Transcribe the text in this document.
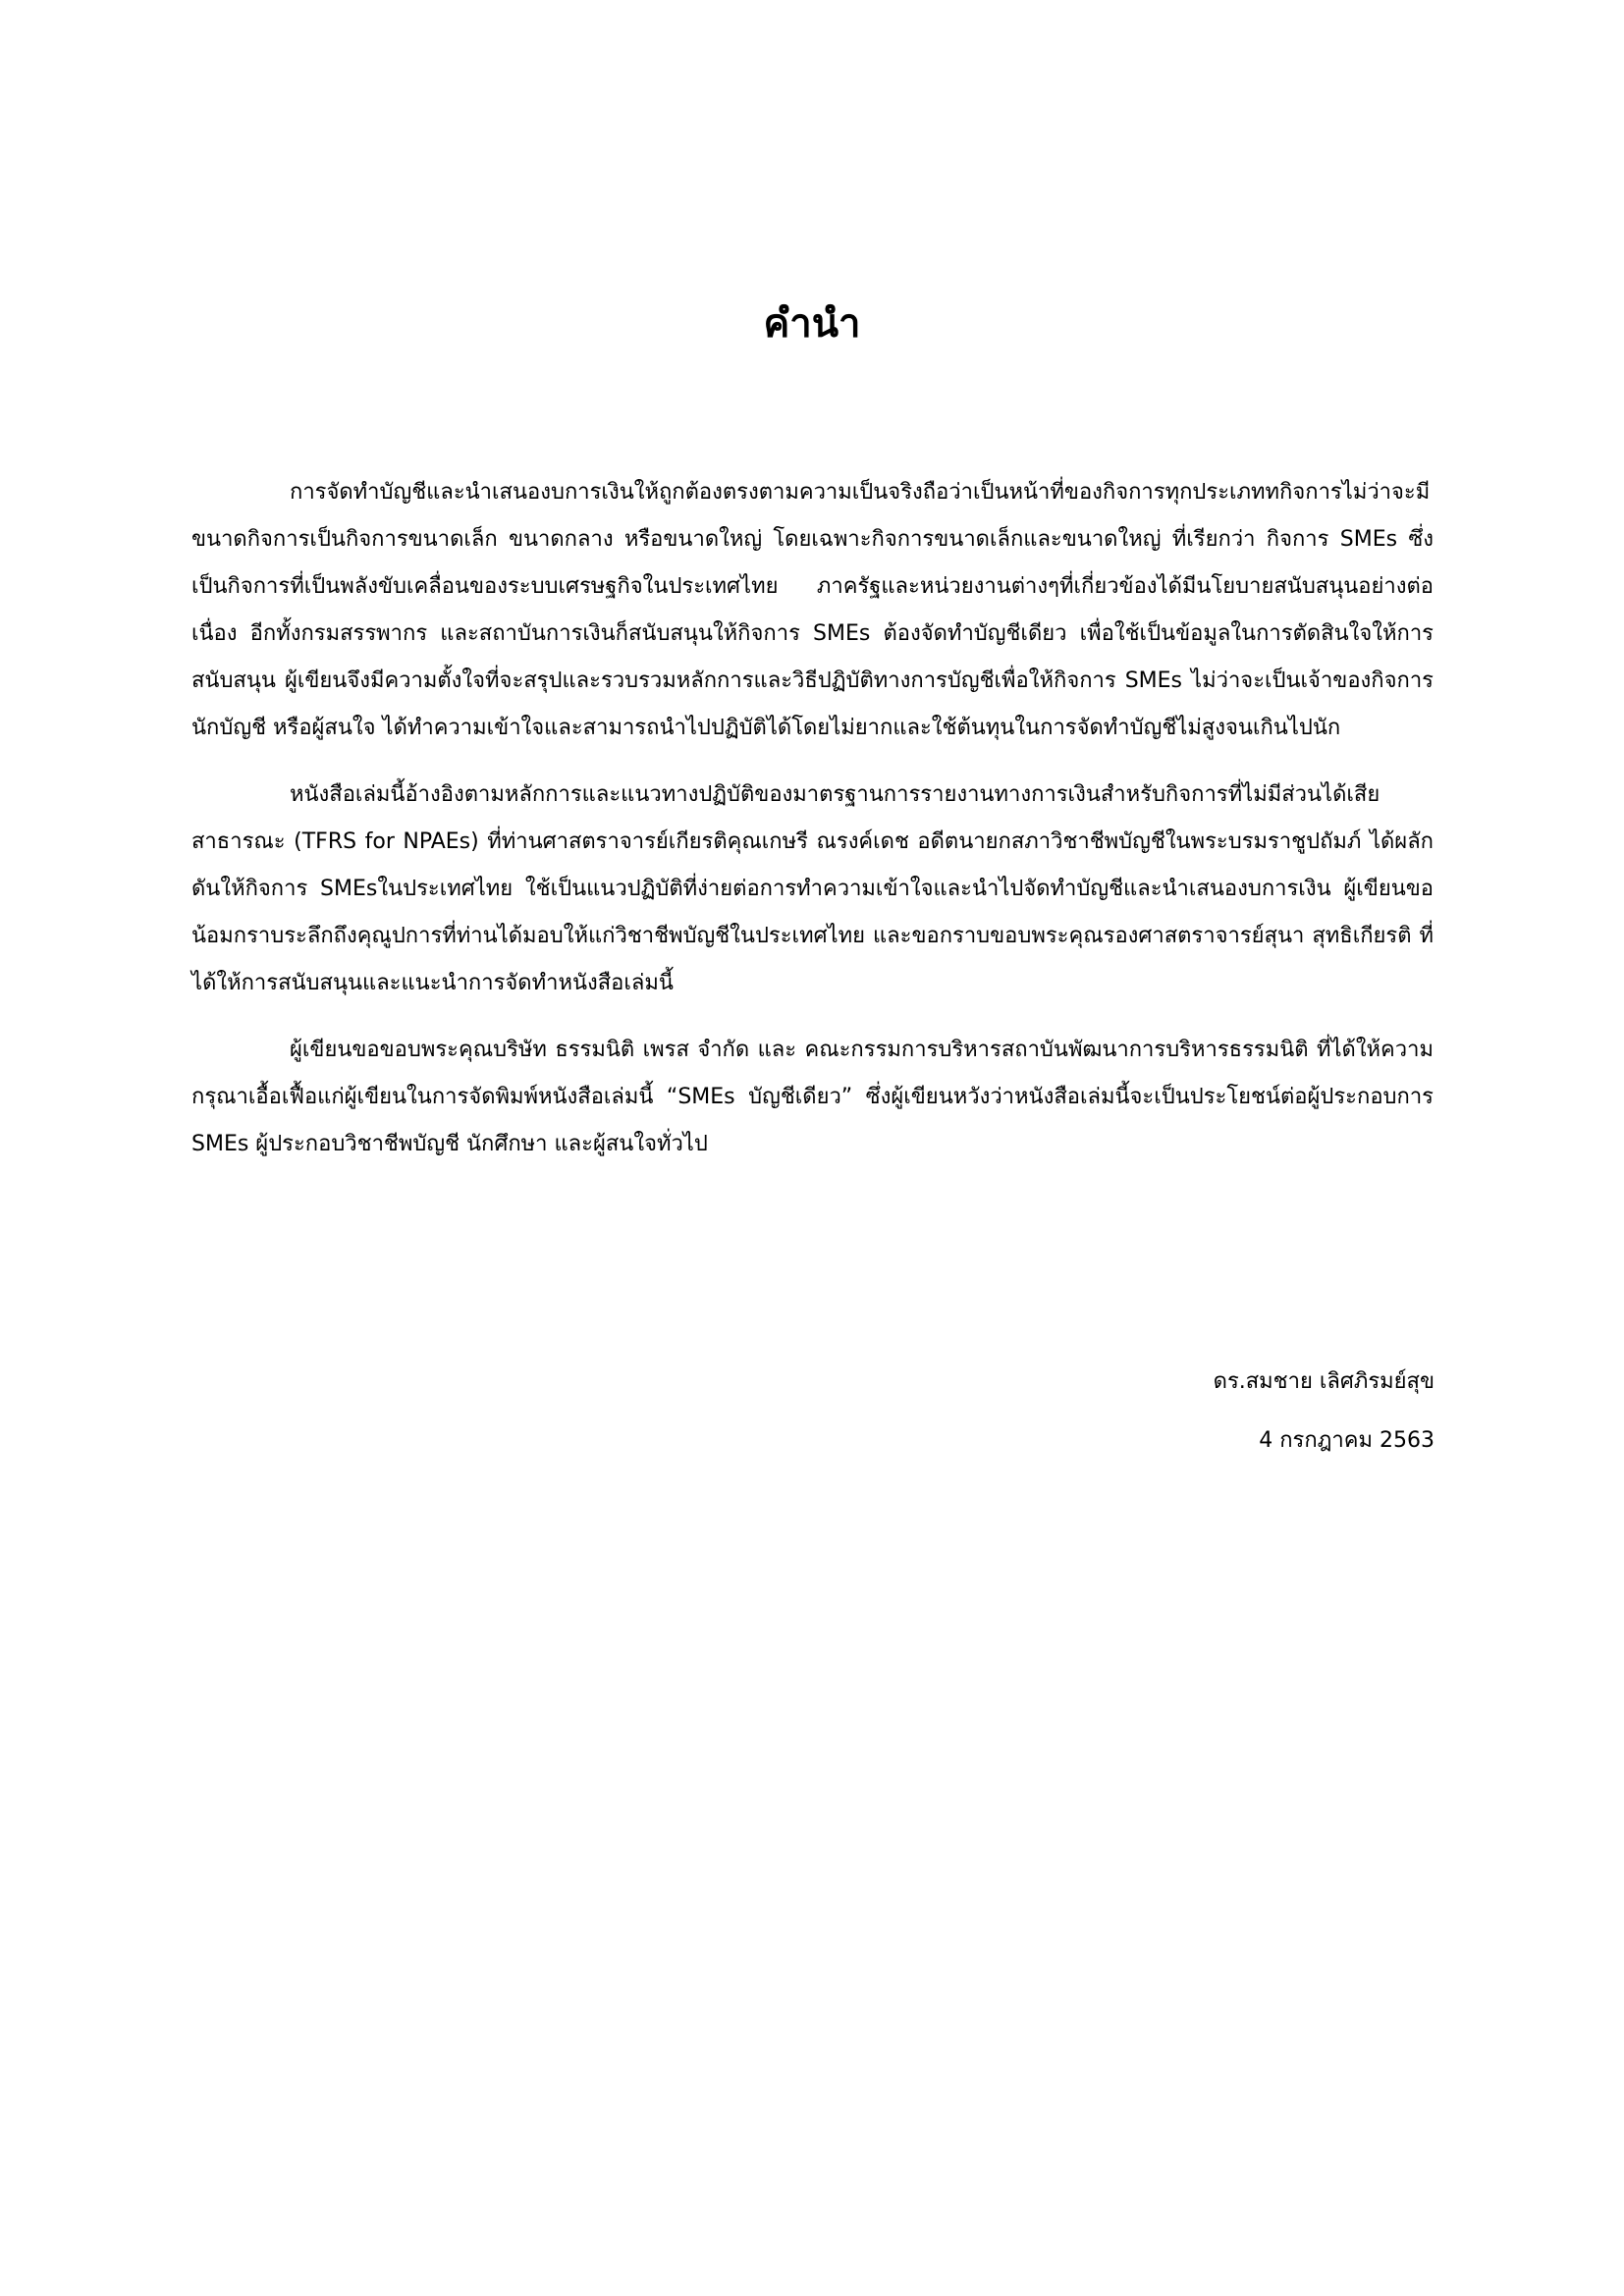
คำนำ

การจัดทำบัญชีและนำเสนองบการเงินให้ถูกต้องตรงตามความเป็นจริงถือว่าเป็นหน้าที่ของกิจการทุกประเภททกิจการไม่ว่าจะมีขนาดกิจการเป็นกิจการขนาดเล็ก ขนาดกลาง หรือขนาดใหญ่ โดยเฉพาะกิจการขนาดเล็กและขนาดใหญ่ ที่เรียกว่า กิจการ SMEs ซึ่งเป็นกิจการที่เป็นพลังขับเคลื่อนของระบบเศรษฐกิจในประเทศไทย ภาครัฐและหน่วยงานต่างๆที่เกี่ยวข้องได้มีนโยบายสนับสนุนอย่างต่อเนื่อง อีกทั้งกรมสรรพากร และสถาบันการเงินก็สนับสนุนให้กิจการ SMEs ต้องจัดทำบัญชีเดียว เพื่อใช้เป็นข้อมูลในการตัดสินใจให้การสนับสนุน ผู้เขียนจึงมีความตั้งใจที่จะสรุปและรวบรวมหลักการและวิธีปฏิบัติทางการบัญชีเพื่อให้กิจการ SMEs ไม่ว่าจะเป็นเจ้าของกิจการ นักบัญชี หรือผู้สนใจ ได้ทำความเข้าใจและสามารถนำไปปฏิบัติได้โดยไม่ยากและใช้ต้นทุนในการจัดทำบัญชีไม่สูงจนเกินไปนัก

หนังสือเล่มนี้อ้างอิงตามหลักการและแนวทางปฏิบัติของมาตรฐานการรายงานทางการเงินสำหรับกิจการที่ไม่มีส่วนได้เสียสาธารณะ (TFRS for NPAEs) ที่ท่านศาสตราจารย์เกียรติคุณเกษรี ณรงค์เดช อดีตนายกสภาวิชาชีพบัญชีในพระบรมราชูปถัมภ์ ได้ผลักดันให้กิจการ SMEsในประเทศไทย ใช้เป็นแนวปฏิบัติที่ง่ายต่อการทำความเข้าใจและนำไปจัดทำบัญชีและนำเสนองบการเงิน ผู้เขียนขอน้อมกราบระลึกถึงคุณูปการที่ท่านได้มอบให้แก่วิชาชีพบัญชีในประเทศไทย และขอกราบขอบพระคุณรองศาสตราจารย์สุนา สุทธิเกียรติ ที่ได้ให้การสนับสนุนและแนะนำการจัดทำหนังสือเล่มนี้

ผู้เขียนขอขอบพระคุณบริษัท ธรรมนิติ เพรส จำกัด และ คณะกรรมการบริหารสถาบันพัฒนาการบริหารธรรมนิติ ที่ได้ให้ความกรุณาเอื้อเฟื้อแก่ผู้เขียนในการจัดพิมพ์หนังสือเล่มนี้ “SMEs บัญชีเดียว” ซึ่งผู้เขียนหวังว่าหนังสือเล่มนี้จะเป็นประโยชน์ต่อผู้ประกอบการ SMEs ผู้ประกอบวิชาชีพบัญชี นักศึกษา และผู้สนใจทั่วไป

ดร.สมชาย เลิศภิรมย์สุข
4 กรกฎาคม 2563
